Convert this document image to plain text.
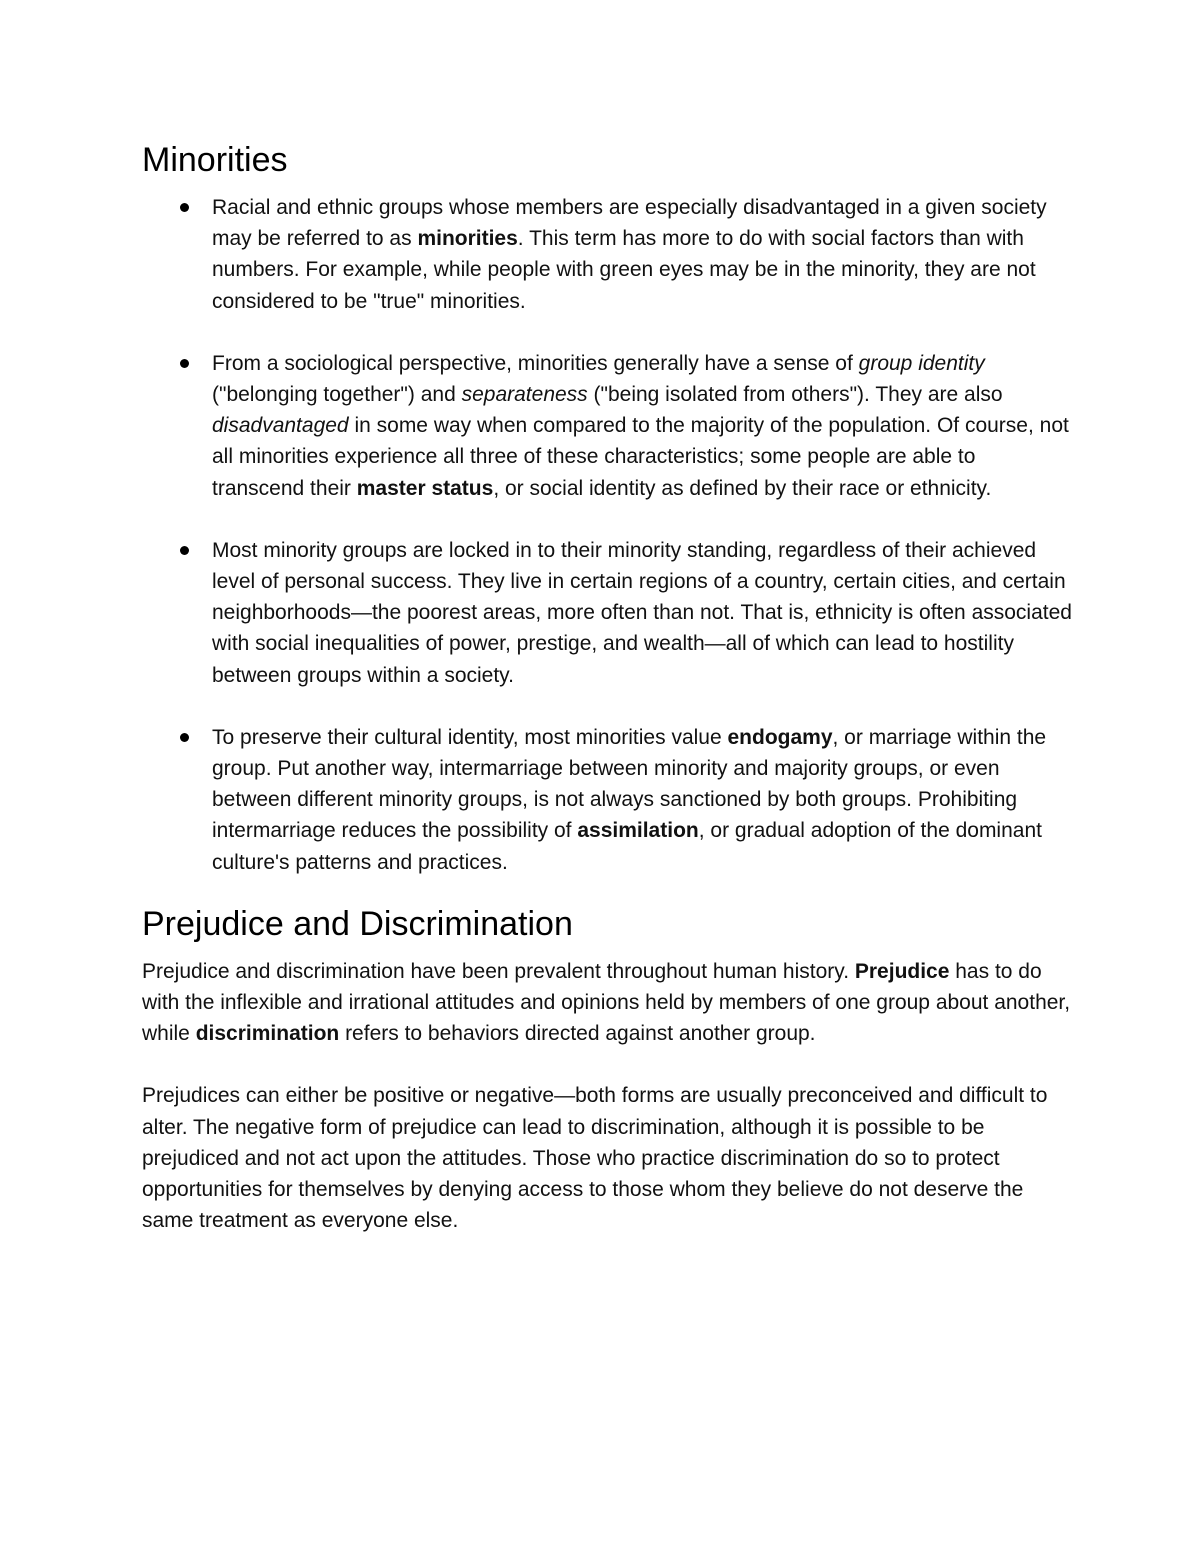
Minorities
Racial and ethnic groups whose members are especially disadvantaged in a given society may be referred to as minorities. This term has more to do with social factors than with numbers. For example, while people with green eyes may be in the minority, they are not considered to be "true" minorities.
From a sociological perspective, minorities generally have a sense of group identity ("belonging together") and separateness ("being isolated from others"). They are also disadvantaged in some way when compared to the majority of the population. Of course, not all minorities experience all three of these characteristics; some people are able to transcend their master status, or social identity as defined by their race or ethnicity.
Most minority groups are locked in to their minority standing, regardless of their achieved level of personal success. They live in certain regions of a country, certain cities, and certain neighborhoods—the poorest areas, more often than not. That is, ethnicity is often associated with social inequalities of power, prestige, and wealth—all of which can lead to hostility between groups within a society.
To preserve their cultural identity, most minorities value endogamy, or marriage within the group. Put another way, intermarriage between minority and majority groups, or even between different minority groups, is not always sanctioned by both groups. Prohibiting intermarriage reduces the possibility of assimilation, or gradual adoption of the dominant culture's patterns and practices.
Prejudice and Discrimination

Prejudice and discrimination have been prevalent throughout human history. Prejudice has to do with the inflexible and irrational attitudes and opinions held by members of one group about another, while discrimination refers to behaviors directed against another group.

Prejudices can either be positive or negative—both forms are usually preconceived and difficult to alter. The negative form of prejudice can lead to discrimination, although it is possible to be prejudiced and not act upon the attitudes. Those who practice discrimination do so to protect opportunities for themselves by denying access to those whom they believe do not deserve the same treatment as everyone else.
